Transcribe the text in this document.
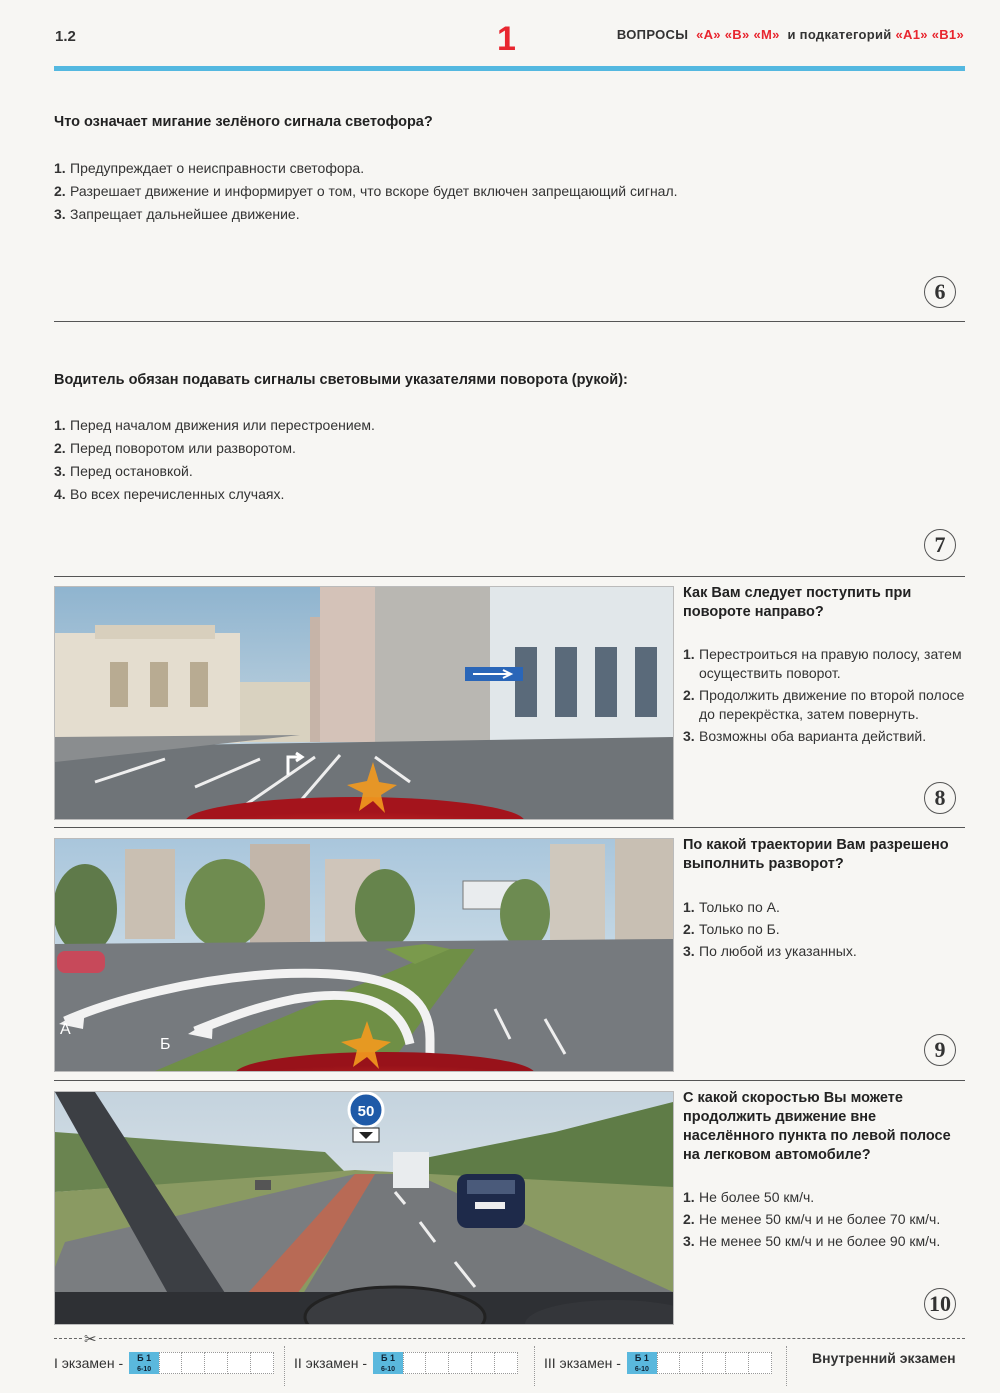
1.2	1	ВОПРОСЫ «А» «В» «М» и подкатегорий «А1» «В1»
Что означает мигание зелёного сигнала светофора?
1. Предупреждает о неисправности светофора.
2. Разрешает движение и информирует о том, что вскоре будет включен запрещающий сигнал.
3. Запрещает дальнейшее движение.
6
Водитель обязан подавать сигналы световыми указателями поворота (рукой):
1. Перед началом движения или перестроением.
2. Перед поворотом или разворотом.
3. Перед остановкой.
4. Во всех перечисленных случаях.
7
Как Вам следует поступить при повороте направо?
1. Перестроиться на правую полосу, затем осуществить поворот.
2. Продолжить движение по второй полосе до перекрёстка, затем повернуть.
3. Возможны оба варианта действий.
8
А
Б
По какой траектории Вам разрешено выполнить разворот?
1. Только по А.
2. Только по Б.
3. По любой из указанных.
9
50
С какой скоростью Вы можете продолжить движение вне населённого пункта по левой полосе на легковом автомобиле?
1. Не более 50 км/ч.
2. Не менее 50 км/ч и не более 70 км/ч.
3. Не менее 50 км/ч и не более 90 км/ч.
10
✂
I экзамен -	Б 1
6-10	II экзамен -	Б 1
6-10	III экзамен -	Б 1
6-10
Внутренний экзамен
